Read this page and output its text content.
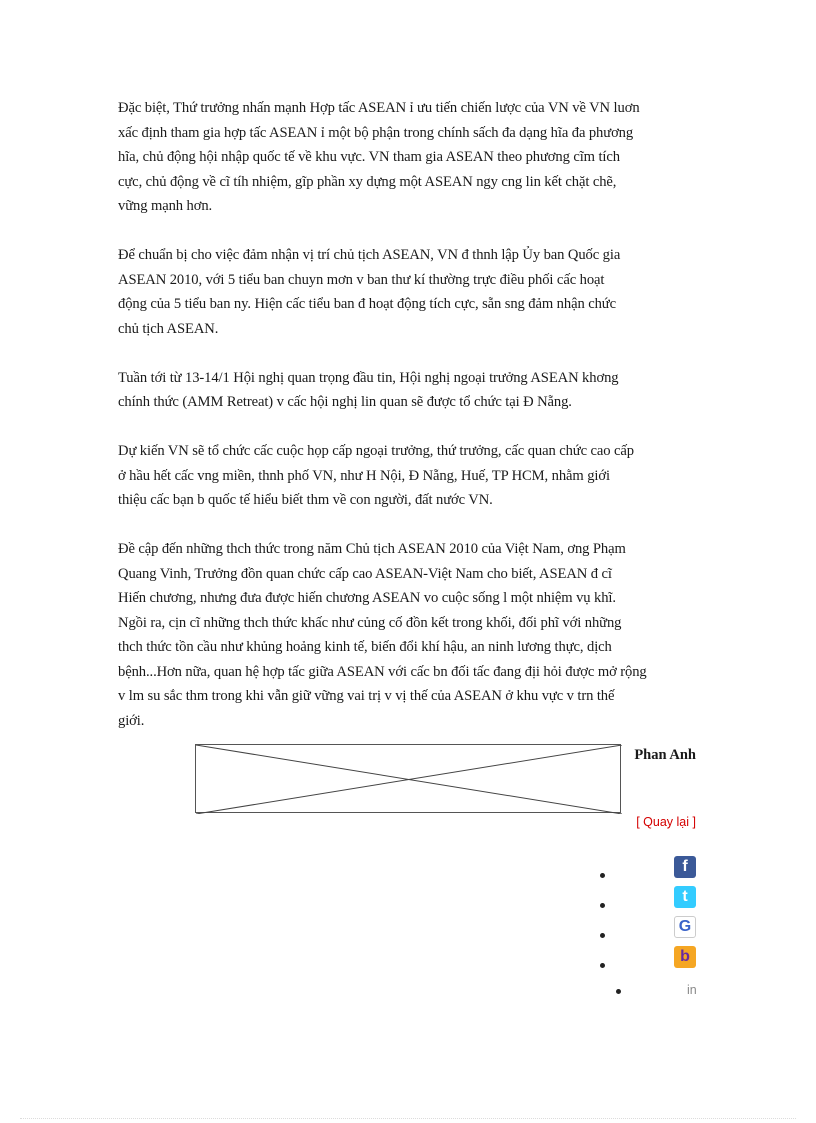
Đặc biệt, Thứ trưởng nhấn mạnh Hợp tấc ASEAN ỉ ưu tiến chiến lược của VN về VN luơn
xấc định tham gia hợp tấc ASEAN ỉ một bộ phận trong chính sấch đa dạng hĩa đa phương
hĩa, chủ động hội nhập quốc tế về khu vực. VN tham gia ASEAN theo phương cĩm tích
cực, chủ động về cĩ tíh nhiệm, gĩp phần xy dựng một ASEAN ngy cng lin kết chặt chẽ,
vững mạnh hơn.

Để chuẩn bị cho việc đảm nhận vị trí chủ tịch ASEAN, VN đ thnh lập Ủy ban Quốc gia
ASEAN 2010, với 5 tiểu ban chuyn mơn v ban thư kí thường trực điều phối cấc hoạt
động của 5 tiểu ban ny. Hiện cấc tiểu ban đ hoạt động tích cực, sẵn sng đảm nhận chức
chủ tịch ASEAN.

Tuần tới từ 13-14/1 Hội nghị quan trọng đầu tin, Hội nghị ngoại trưởng ASEAN khơng
chính thức (AMM Retreat) v cấc hội nghị lin quan sẽ được tổ chức tại Đ Nẵng.

Dự kiến VN sẽ tổ chức cấc cuộc họp cấp ngoại trưởng, thứ trưởng, cấc quan chức cao cấp
ở hầu hết cấc vng miền, thnh phố VN, như H Nội, Đ Nẵng, Huế, TP HCM, nhằm giới
thiệu cấc bạn b quốc tế hiểu biết thm về con người, đất nước VN.

Đề cập đến những thch thức trong năm Chủ tịch ASEAN 2010 của Việt Nam, ơng Phạm
Quang Vinh, Trưởng đồn quan chức cấp cao ASEAN-Việt Nam cho biết, ASEAN đ cĩ
Hiến chương, nhưng đưa được hiến chương ASEAN vo cuộc sống l một nhiệm vụ khĩ.
Ngồi ra, cịn cĩ những thch thức khấc như củng cố đồn kết trong khối, đối phĩ với những
thch thức tồn cầu như khủng hoảng kinh tế, biến đổi khí hậu, an ninh lương thực, dịch
bệnh...Hơn nữa, quan hệ hợp tấc giữa ASEAN với cấc bn đối tấc đang địi hỏi được mở rộng
v lm su sắc thm trong khi vẫn giữ vững vai trị v vị thế của ASEAN ở khu vực v trn thế
giới.

Phan Anh
[ Quay lại ]
f
t
G
b
in
